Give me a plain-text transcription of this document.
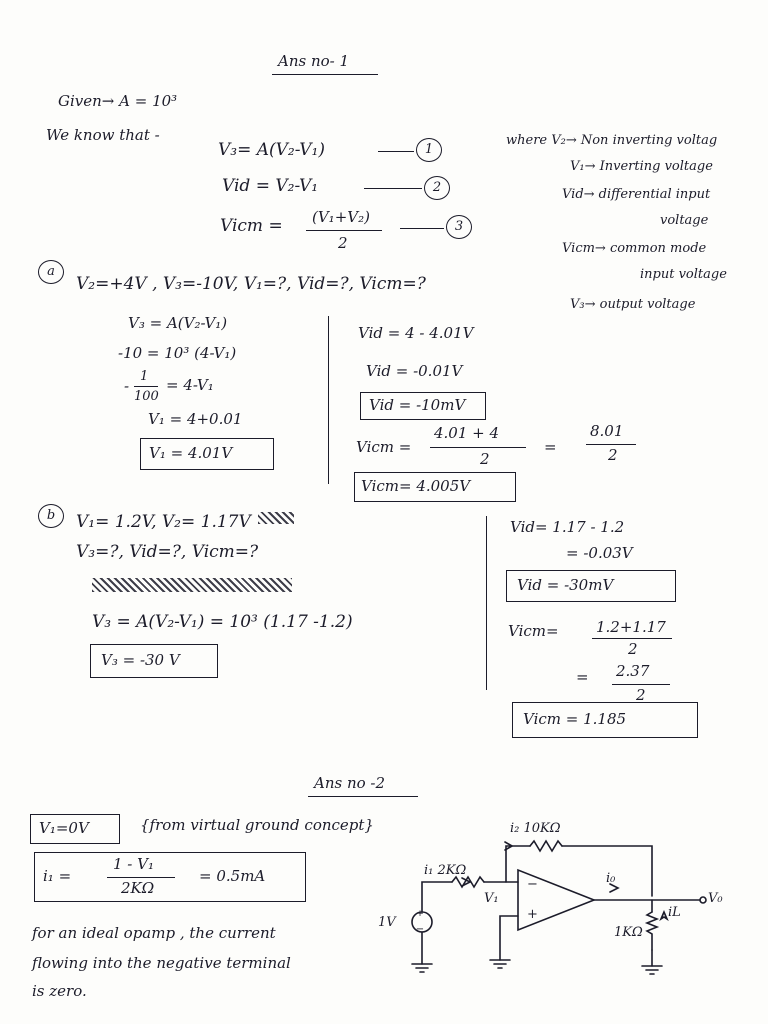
Ans no- 1
Given→ A = 10³
We know that -
V₃= A(V₂-V₁)	1
Vid = V₂-V₁	2
Vicm = (V₁+V₂)
2
3
where V₂→ Non inverting voltag
V₁→ Inverting voltage
Vid→ differential input
voltage
Vicm→ common mode
input voltage
V₃→ output voltage
a
V₂=+4V , V₃=-10V, V₁=?, Vid=?, Vicm=?
V₃ = A(V₂-V₁)
-10 = 10³ (4-V₁)
-
1
100
= 4-V₁
V₁ = 4+0.01
V₁ = 4.01V
Vid = 4 - 4.01V
Vid = -0.01V
Vid = -10mV
Vicm =
4.01 + 4
2
=
8.01
2
Vicm= 4.005V
b	V₁= 1.2V, V₂= 1.17V
V₃=?, Vid=?, Vicm=?
V₃ = A(V₂-V₁) = 10³ (1.17 -1.2)
V₃ = -30 V
Vid= 1.17 - 1.2
= -0.03V
Vid = -30mV
Vicm= 1.2+1.17
2
= 2.37
2
Vicm = 1.185
Ans no -2
V₁=0V	{from virtual ground concept}
i₁ =
1 - V₁
2KΩ
= 0.5mA
for an ideal opamp , the current
flowing into the negative terminal
is zero.
+
−
i₂ 10KΩ
i₁ 2KΩ
V₁
i₀
V₀
iL
1KΩ
1V
−
+
